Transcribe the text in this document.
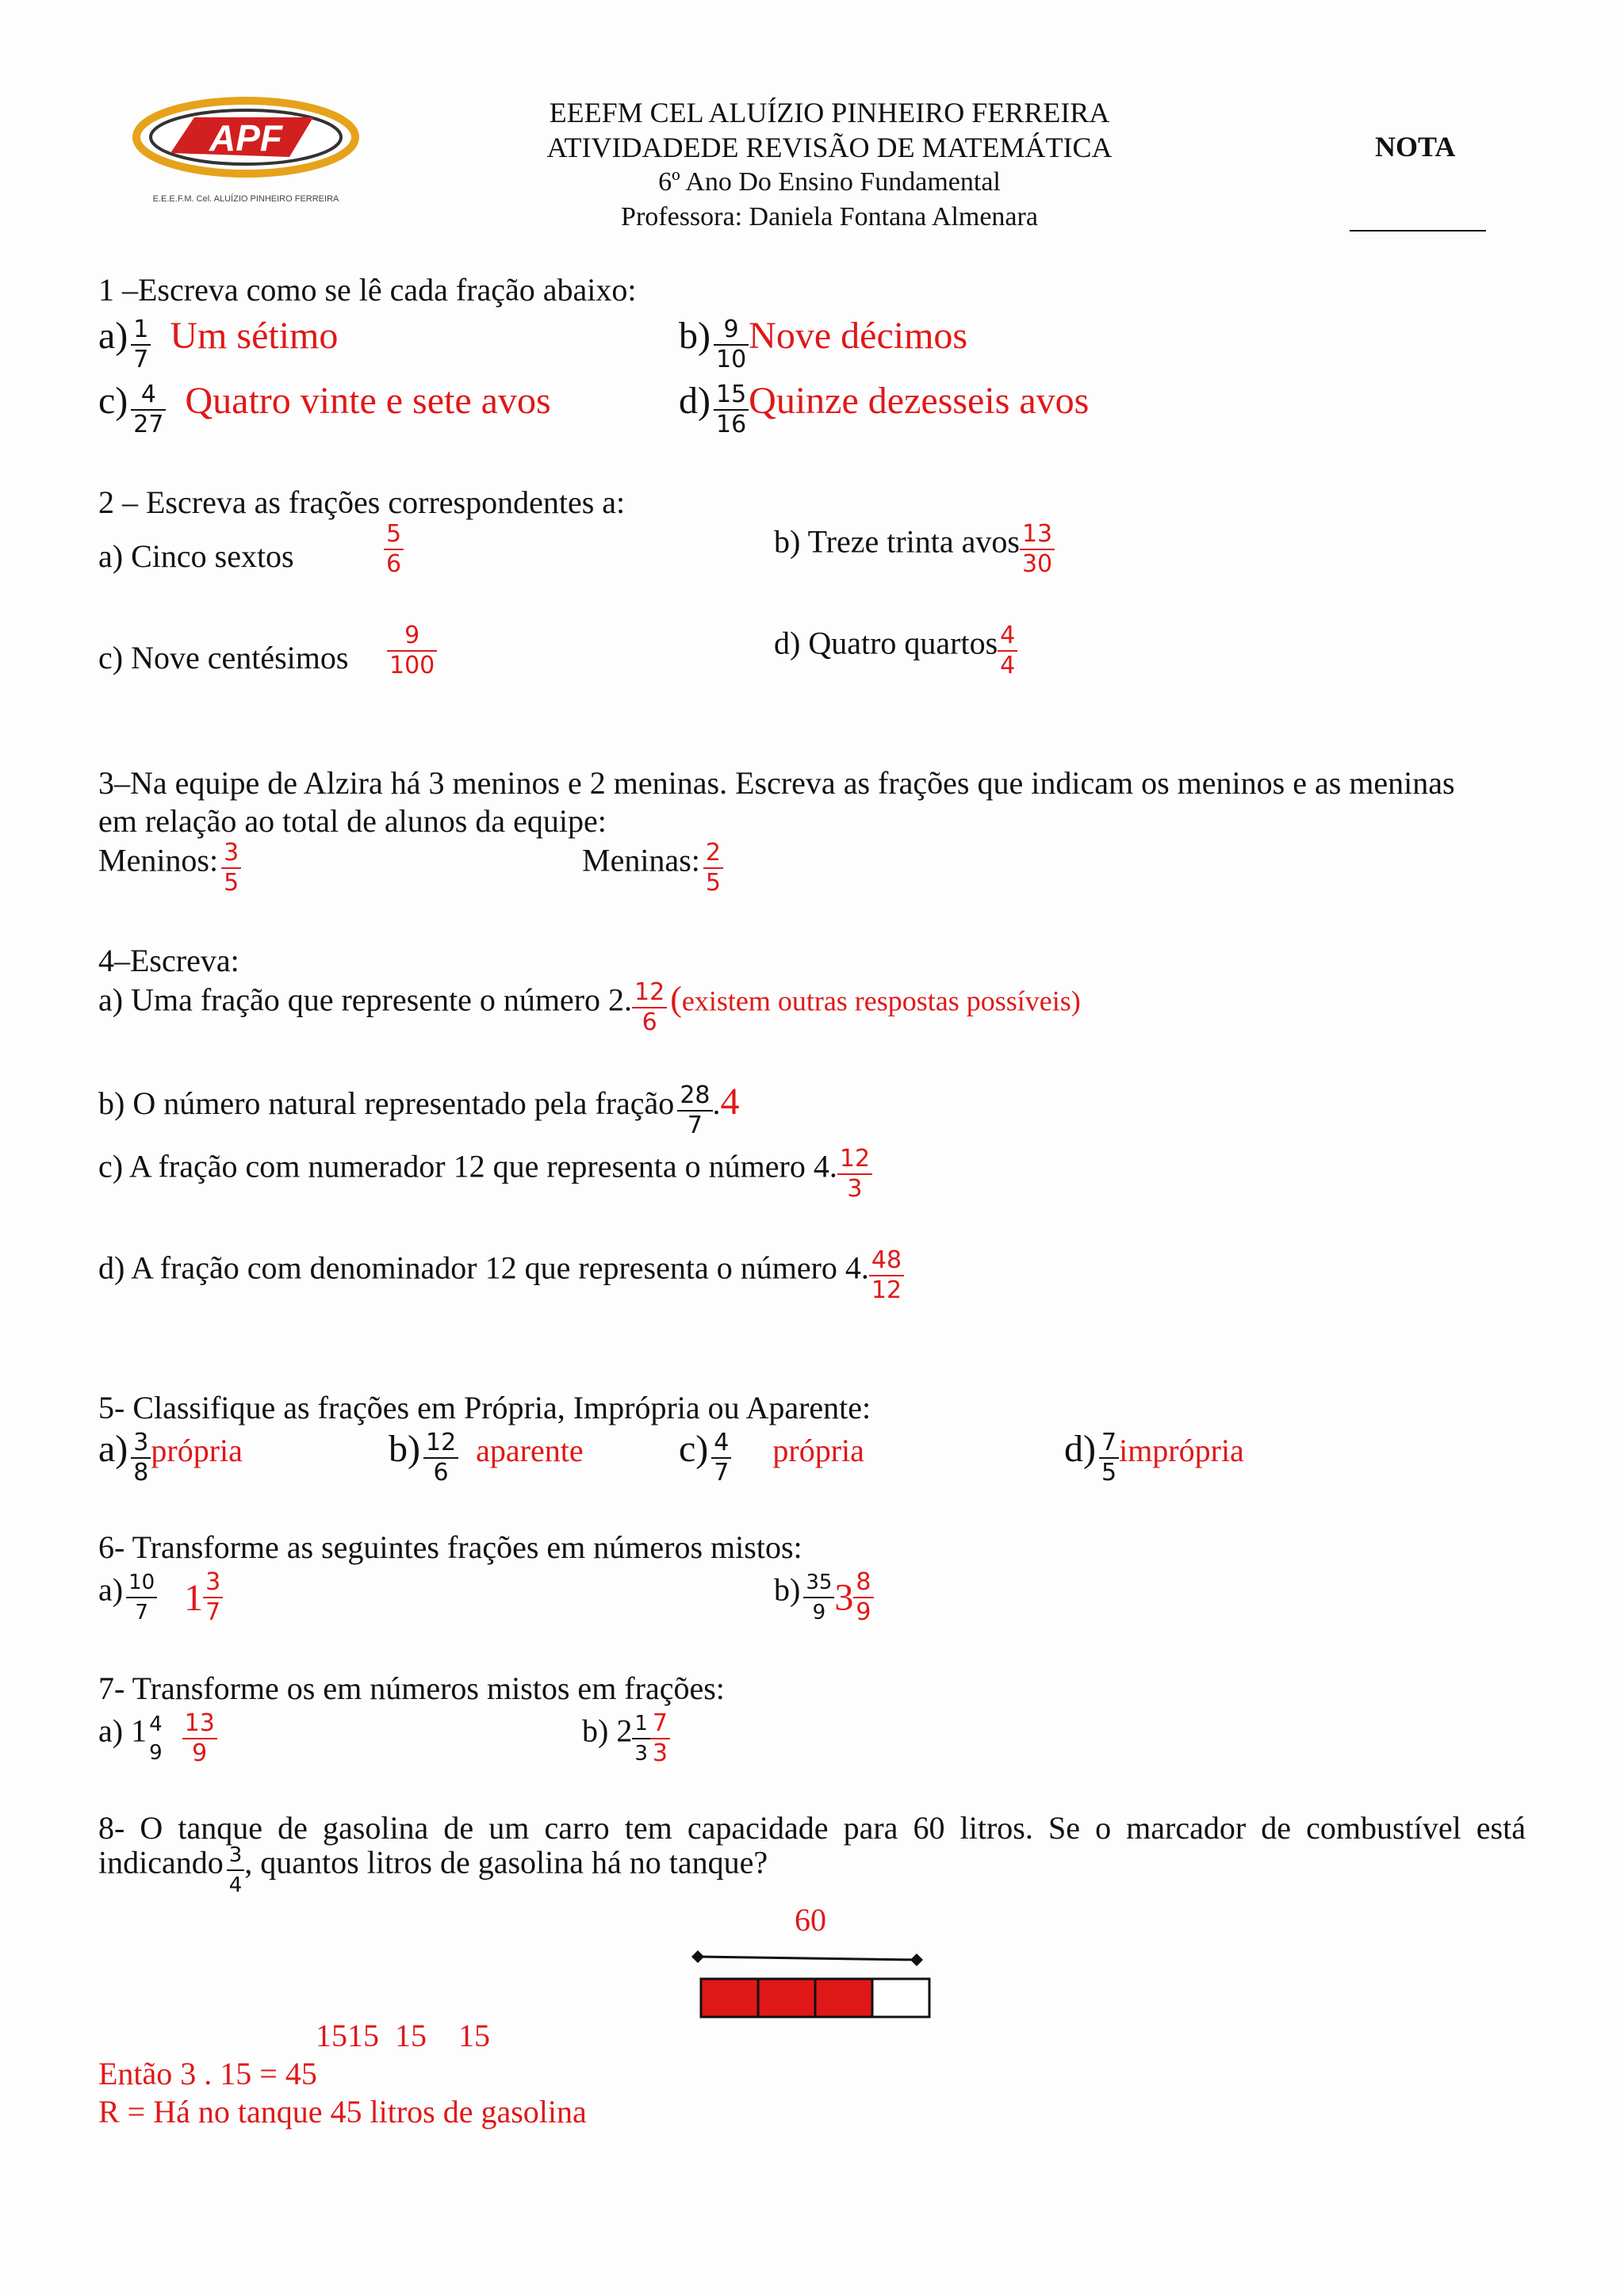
APF
E.E.E.F.M. Cel. ALUÍZIO PINHEIRO FERREIRA
EEEFM CEL ALUÍZIO PINHEIRO FERREIRA
ATIVIDADEDE REVISÃO DE MATEMÁTICA
6º Ano Do Ensino Fundamental
Professora: Daniela Fontana Almenara
NOTA
1 –Escreva como se lê cada fração abaixo:
$a) \frac{1}{7}$ Um sétimo	$b) \frac{9}{10}$ Nove décimos
$c) \frac{4}{27}$ Quatro vinte e sete avos	$d) \frac{15}{16}$ Quinze dezesseis avos
2 – Escreva as frações correspondentes a:
a) Cinco sextos	$\frac{5}{6}$	b) Treze trinta avos $\frac{13}{30}$
c) Nove centésimos $\frac{9}{100}$	d) Quatro quartos $\frac{4}{4}$
3–Na equipe de Alzira há 3 meninos e 2 meninas. Escreva as frações que indicam os meninos e as meninas
em relação ao total de alunos da equipe:
Meninos: $\frac{3}{5}$	Meninas: $\frac{2}{5}$
4–Escreva:
a) Uma fração que represente o número 2. $\frac{12}{6}$ (existem outras respostas possíveis)
b) O número natural representado pela fração $\frac{28}{7} .4$
c) A fração com numerador 12 que representa o número 4. $\frac{12}{3}$
d) A fração com denominador 12 que representa o número 4. $\frac{48}{12}$
5- Classifique as frações em Própria, Imprópria ou Aparente:
$a) \frac{3}{8}$ própria	$b) \frac{12}{6}$ aparente	$c) \frac{4}{7}$ própria	$d) \frac{7}{5}$ imprópria
6- Transforme as seguintes frações em números mistos:
$a) \frac{10}{7} 1 \frac{3}{7}$	$b) \frac{35}{9} 3 \frac{8}{9}$
7- Transforme os em números mistos em frações:
a) 1 4
9
$\frac{13}{9}$	b) $2 \frac{1}{3} \frac{7}{3}$
8- O tanque de gasolina de um carro tem capacidade para 60 litros. Se o marcador de combustível está
indicando $\frac{3}{4}$ , quantos litros de gasolina há no tanque?
60
1515  15    15
Então 3 . 15 = 45
R = Há no tanque 45 litros de gasolina
